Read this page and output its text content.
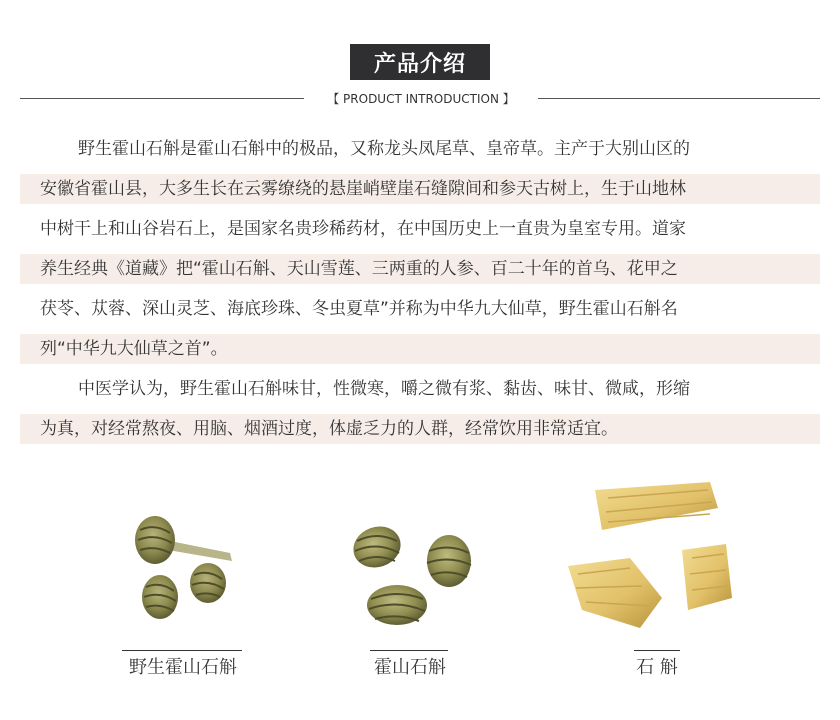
产品介绍
【 PRODUCT INTRODUCTION 】
野生霍山石斛是霍山石斛中的极品，又称龙头凤尾草、皇帝草。主产于大别山区的
安徽省霍山县，大多生长在云雾缭绕的悬崖峭壁崖石缝隙间和参天古树上，生于山地林
中树干上和山谷岩石上，是国家名贵珍稀药材，在中国历史上一直贵为皇室专用。道家
养生经典《道藏》把“霍山石斛、天山雪莲、三两重的人参、百二十年的首乌、花甲之
茯苓、苁蓉、深山灵芝、海底珍珠、冬虫夏草”并称为中华九大仙草，野生霍山石斛名
列“中华九大仙草之首”。
中医学认为，野生霍山石斛味甘，性微寒，嚼之微有浆、黏齿、味甘、微咸，形缩
为真，对经常熬夜、用脑、烟酒过度，体虚乏力的人群，经常饮用非常适宜。
野生霍山石斛	霍山石斛	石 斛
